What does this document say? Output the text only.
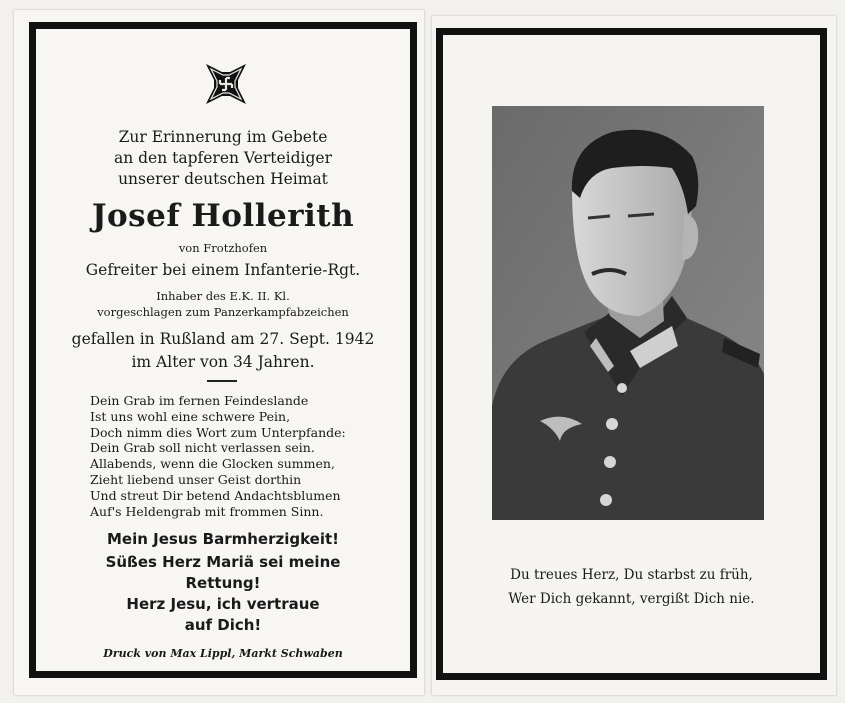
Zur Erinnerung im Gebete
an den tapferen Verteidiger
unserer deutschen Heimat
Josef Hollerith
von Frotzhofen
Gefreiter bei einem Infanterie-Rgt.
Inhaber des E.K. II. Kl.
vorgeschlagen zum Panzerkampfabzeichen
gefallen in Rußland am 27. Sept. 1942
im Alter von 34 Jahren.
Dein Grab im fernen Feindeslande
Ist uns wohl eine schwere Pein,
Doch nimm dies Wort zum Unterpfande:
Dein Grab soll nicht verlassen sein.
Allabends, wenn die Glocken summen,
Zieht liebend unser Geist dorthin
Und streut Dir betend Andachtsblumen
Auf's Heldengrab mit frommen Sinn.
Mein Jesus Barmherzigkeit!
Süßes Herz Mariä sei meine
Rettung!
Herz Jesu, ich vertraue
auf Dich!
Druck von Max Lippl, Markt Schwaben
Du treues Herz, Du starbst zu früh,
Wer Dich gekannt, vergißt Dich nie.
